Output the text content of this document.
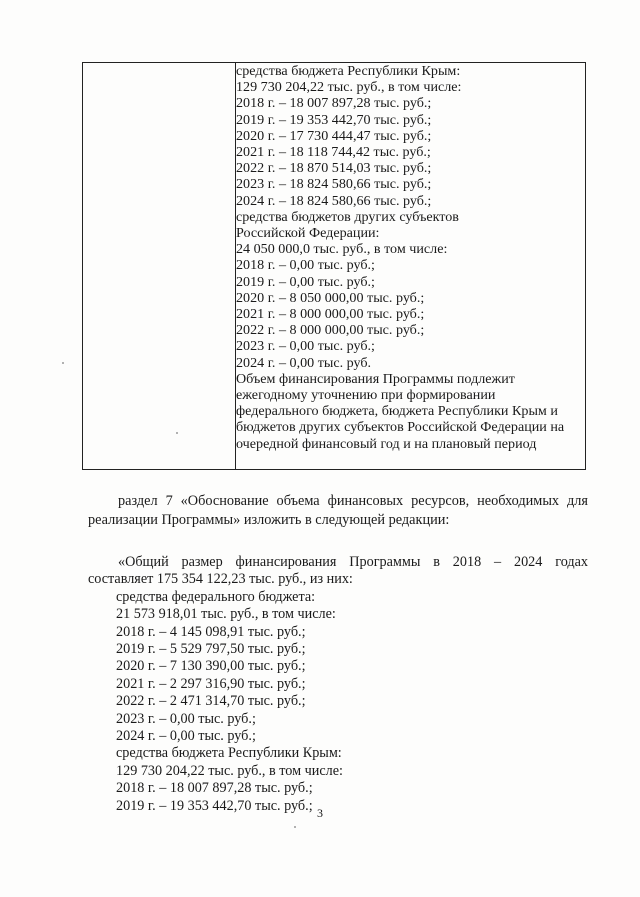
средства бюджета Республики Крым:
129 730 204,22 тыс. руб., в том числе:
2018 г. – 18 007 897,28 тыс. руб.;
2019 г. – 19 353 442,70 тыс. руб.;
2020 г. – 17 730 444,47 тыс. руб.;
2021 г. – 18 118 744,42 тыс. руб.;
2022 г. – 18 870 514,03 тыс. руб.;
2023 г. – 18 824 580,66 тыс. руб.;
2024 г. – 18 824 580,66 тыс. руб.;
средства бюджетов других субъектов
Российской Федерации:
24 050 000,0 тыс. руб., в том числе:
2018 г. – 0,00 тыс. руб.;
2019 г. – 0,00 тыс. руб.;
2020 г. – 8 050 000,00 тыс. руб.;
2021 г. – 8 000 000,00 тыс. руб.;
2022 г. – 8 000 000,00 тыс. руб.;
2023 г. – 0,00 тыс. руб.;
2024 г. – 0,00 тыс. руб.
Объем финансирования Программы подлежит
ежегодному уточнению при формировании
федерального бюджета, бюджета Республики Крым и
бюджетов других субъектов Российской Федерации на
очередной финансовый год и на плановый период
раздел 7 «Обоснование объема финансовых ресурсов, необходимых для
реализации Программы» изложить в следующей редакции:
«Общий размер финансирования Программы в 2018 – 2024 годах
составляет 175 354 122,23 тыс. руб., из них:
средства федерального бюджета:
21 573 918,01 тыс. руб., в том числе:
2018 г. – 4 145 098,91 тыс. руб.;
2019 г. – 5 529 797,50 тыс. руб.;
2020 г. – 7 130 390,00 тыс. руб.;
2021 г. – 2 297 316,90 тыс. руб.;
2022 г. – 2 471 314,70 тыс. руб.;
2023 г. – 0,00 тыс. руб.;
2024 г. – 0,00 тыс. руб.;
средства бюджета Республики Крым:
129 730 204,22 тыс. руб., в том числе:
2018 г. – 18 007 897,28 тыс. руб.;
2019 г. – 19 353 442,70 тыс. руб.; 3
